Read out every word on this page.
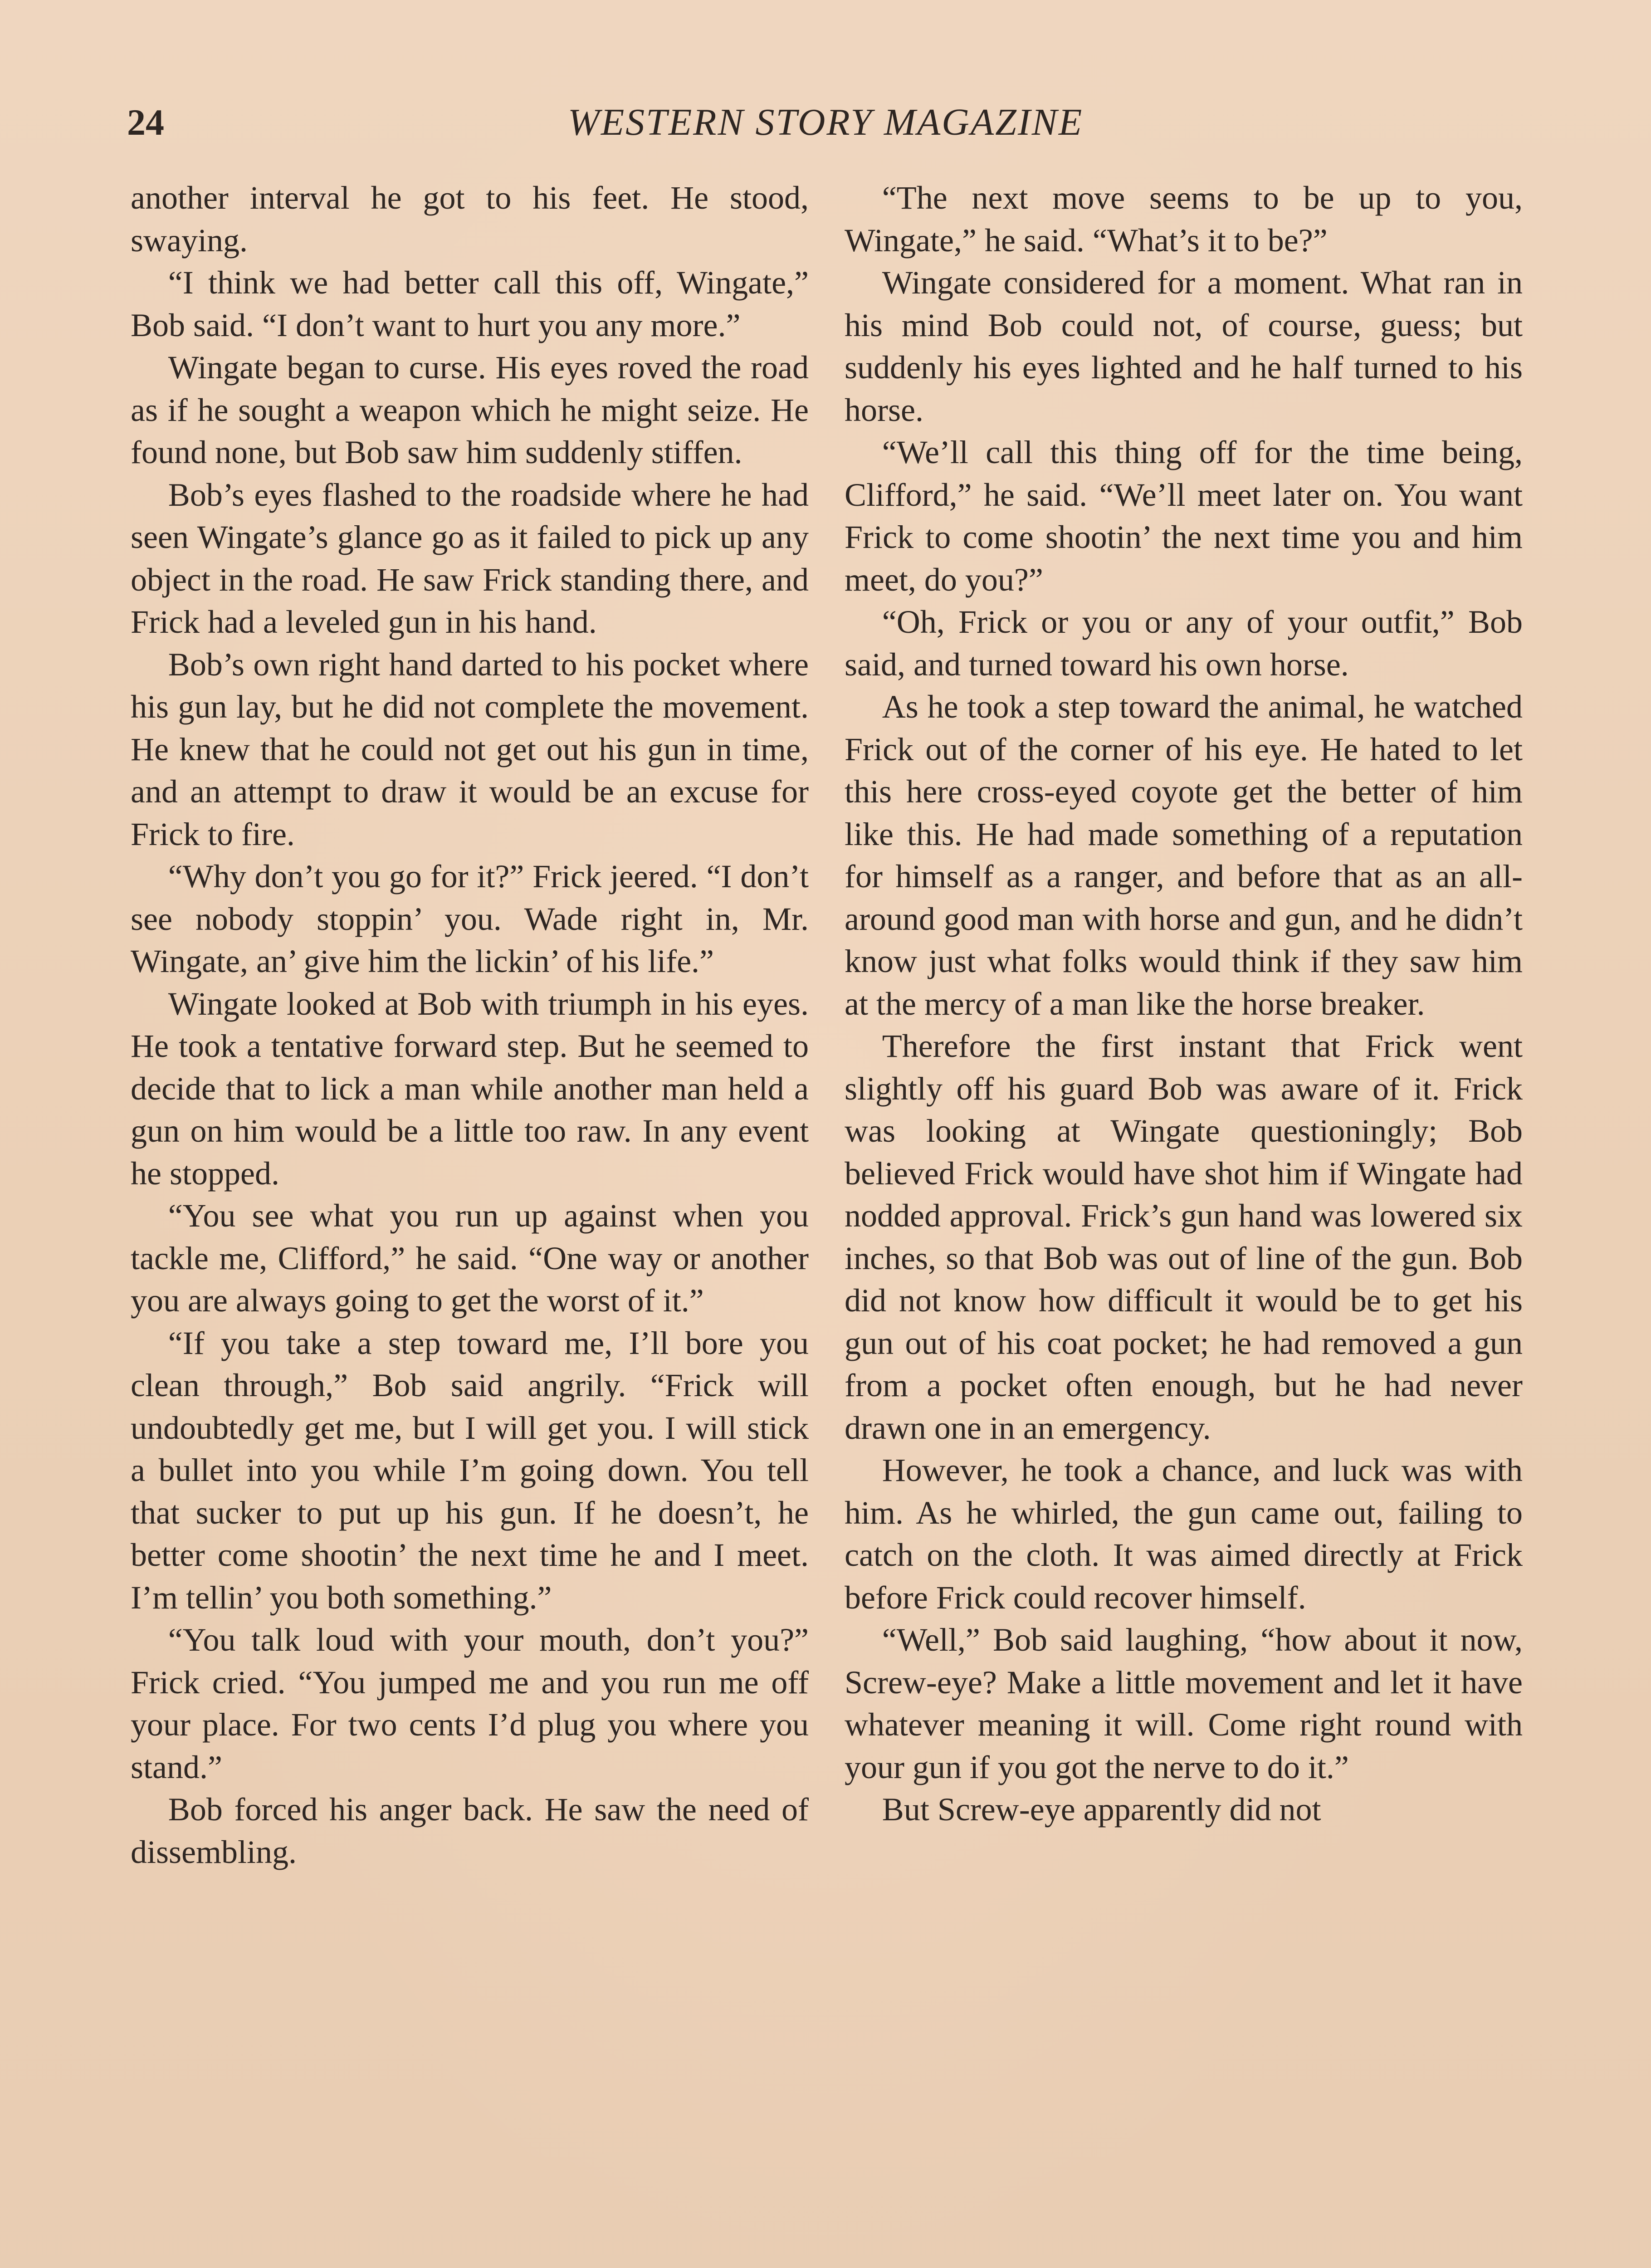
24	WESTERN STORY MAGAZINE

another interval he got to his feet. He stood, swaying.

“I think we had better call this off, Wingate,” Bob said. “I don’t want to hurt you any more.”

Wingate began to curse. His eyes roved the road as if he sought a weapon which he might seize. He found none, but Bob saw him suddenly stiffen.

Bob’s eyes flashed to the roadside where he had seen Wingate’s glance go as it failed to pick up any object in the road. He saw Frick standing there, and Frick had a leveled gun in his hand.

Bob’s own right hand darted to his pocket where his gun lay, but he did not complete the movement. He knew that he could not get out his gun in time, and an attempt to draw it would be an excuse for Frick to fire.

“Why don’t you go for it?” Frick jeered. “I don’t see nobody stoppin’ you. Wade right in, Mr. Wingate, an’ give him the lickin’ of his life.”

Wingate looked at Bob with triumph in his eyes. He took a tentative forward step. But he seemed to decide that to lick a man while another man held a gun on him would be a little too raw. In any event he stopped.

“You see what you run up against when you tackle me, Clifford,” he said. “One way or another you are always going to get the worst of it.”

“If you take a step toward me, I’ll bore you clean through,” Bob said angrily. “Frick will undoubtedly get me, but I will get you. I will stick a bullet into you while I’m going down. You tell that sucker to put up his gun. If he doesn’t, he better come shootin’ the next time he and I meet. I’m tellin’ you both something.”

“You talk loud with your mouth, don’t you?” Frick cried. “You jumped me and you run me off your place. For two cents I’d plug you where you stand.”

Bob forced his anger back. He saw the need of dissembling.

“The next move seems to be up to you, Wingate,” he said. “What’s it to be?”

Wingate considered for a moment. What ran in his mind Bob could not, of course, guess; but suddenly his eyes lighted and he half turned to his horse.

“We’ll call this thing off for the time being, Clifford,” he said. “We’ll meet later on. You want Frick to come shootin’ the next time you and him meet, do you?”

“Oh, Frick or you or any of your outfit,” Bob said, and turned toward his own horse.

As he took a step toward the animal, he watched Frick out of the corner of his eye. He hated to let this here cross-eyed coyote get the better of him like this. He had made something of a reputation for himself as a ranger, and before that as an all-around good man with horse and gun, and he didn’t know just what folks would think if they saw him at the mercy of a man like the horse breaker.

Therefore the first instant that Frick went slightly off his guard Bob was aware of it. Frick was looking at Wingate questioningly; Bob believed Frick would have shot him if Wingate had nodded approval. Frick’s gun hand was lowered six inches, so that Bob was out of line of the gun. Bob did not know how difficult it would be to get his gun out of his coat pocket; he had removed a gun from a pocket often enough, but he had never drawn one in an emergency.

However, he took a chance, and luck was with him. As he whirled, the gun came out, failing to catch on the cloth. It was aimed directly at Frick before Frick could recover himself.

“Well,” Bob said laughing, “how about it now, Screw-eye? Make a little movement and let it have whatever meaning it will. Come right round with your gun if you got the nerve to do it.”

But Screw-eye apparently did not
